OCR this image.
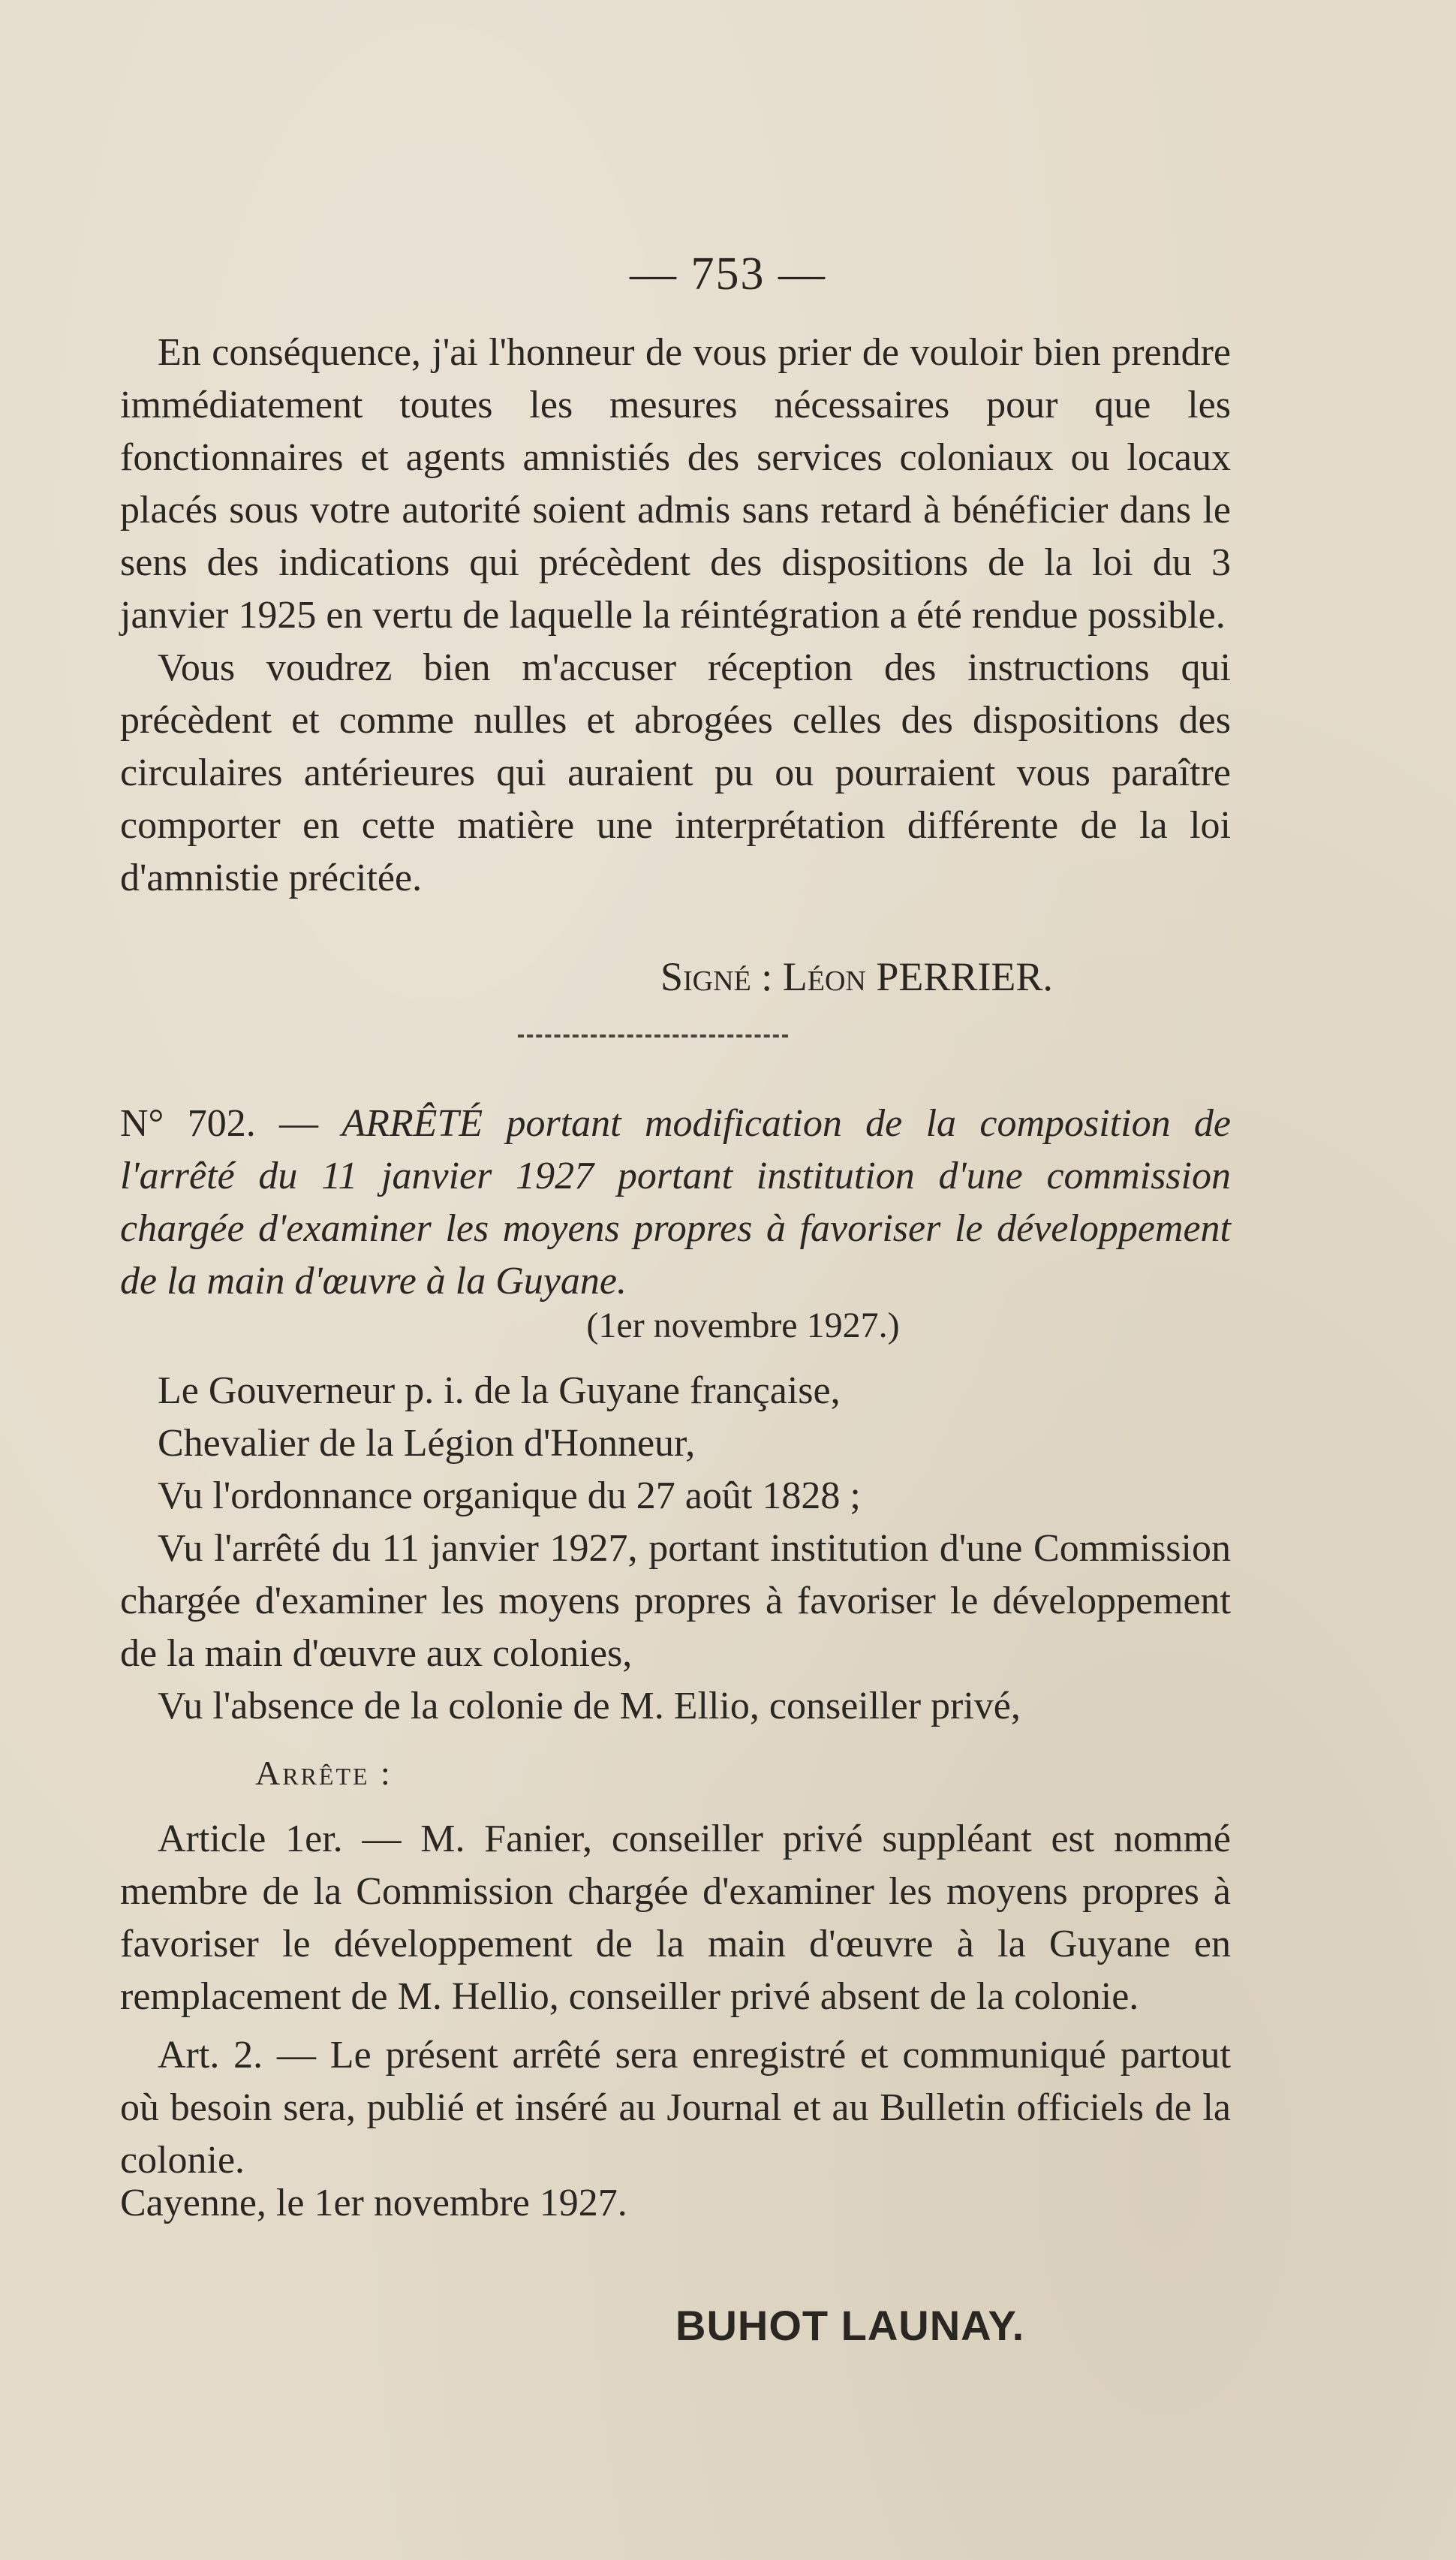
— 753 —

En conséquence, j'ai l'honneur de vous prier de vouloir bien prendre immédiatement toutes les mesures nécessaires pour que les fonctionnaires et agents amnistiés des services coloniaux ou locaux placés sous votre autorité soient admis sans retard à bénéficier dans le sens des indications qui précèdent des dispositions de la loi du 3 janvier 1925 en vertu de laquelle la réintégration a été rendue possible.

Vous voudrez bien m'accuser réception des instructions qui précèdent et comme nulles et abrogées celles des dispositions des circulaires antérieures qui auraient pu ou pourraient vous paraître comporter en cette matière une interprétation différente de la loi d'amnistie précitée.

Signé : Léon PERRIER.
N° 702. — ARRÊTÉ portant modification de la composition de l'arrêté du 11 janvier 1927 portant institution d'une commission chargée d'examiner les moyens propres à favoriser le développement de la main d'œuvre à la Guyane.
(1er novembre 1927.)

Le Gouverneur p. i. de la Guyane française,

Chevalier de la Légion d'Honneur,

Vu l'ordonnance organique du 27 août 1828 ;

Vu l'arrêté du 11 janvier 1927, portant institution d'une Commission chargée d'examiner les moyens propres à favoriser le développement de la main d'œuvre aux colonies,

Vu l'absence de la colonie de M. Ellio, conseiller privé,

Arrête :

Article 1er. — M. Fanier, conseiller privé suppléant est nommé membre de la Commission chargée d'examiner les moyens propres à favoriser le développement de la main d'œuvre à la Guyane en remplacement de M. Hellio, conseiller privé absent de la colonie.

Art. 2. — Le présent arrêté sera enregistré et communiqué partout où besoin sera, publié et inséré au Journal et au Bulletin officiels de la colonie.

Cayenne, le 1er novembre 1927.
BUHOT LAUNAY.
